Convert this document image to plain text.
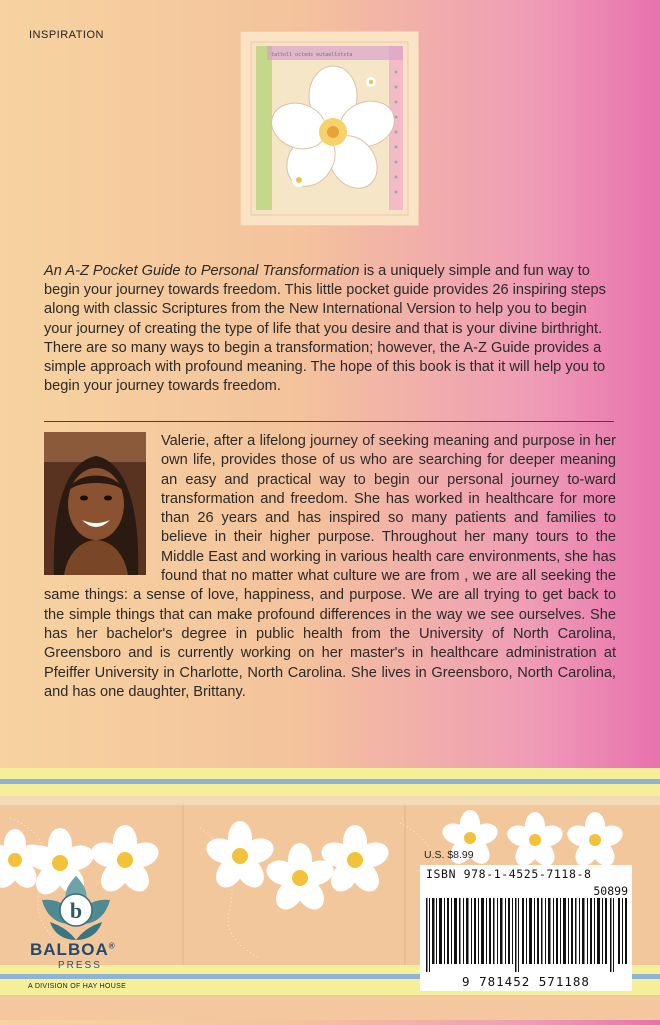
INSPIRATION
tattoll octeds eutaellotsta
An A-Z Pocket Guide to Personal Transformation is a uniquely simple and fun way to begin your journey towards freedom. This little pocket guide provides 26 inspiring steps along with classic Scriptures from the New International Version to help you to begin your journey of creating the type of life that you desire and that is your divine birthright. There are so many ways to begin a transformation; however, the A-Z Guide provides a simple approach with profound meaning. The hope of this book is that it will help you to begin your journey towards freedom.
Valerie, after a lifelong journey of seeking meaning and purpose in her own life, provides those of us who are searching for deeper meaning an easy and practical way to begin our personal journey to-ward transformation and freedom. She has worked in healthcare for more than 26 years and has inspired so many patients and families to believe in their higher purpose. Throughout her many tours to the Middle East and working in various health care environments, she has found that no matter what culture we are from , we are all seeking the same things: a sense of love, happiness, and purpose. We are all trying to get back to the simple things that can make profound differences in the way we see ourselves. She has her bachelor's degree in public health from the University of North Carolina, Greensboro and is currently working on her master's in healthcare administration at Pfeiffer University in Charlotte, North Carolina. She lives in Greensboro, North Carolina, and has one daughter, Brittany.
b
BALBOA®
PRESS
A DIVISION OF HAY HOUSE
U.S. $8.99
ISBN 978-1-4525-7118-8
50899
9 781452 571188
